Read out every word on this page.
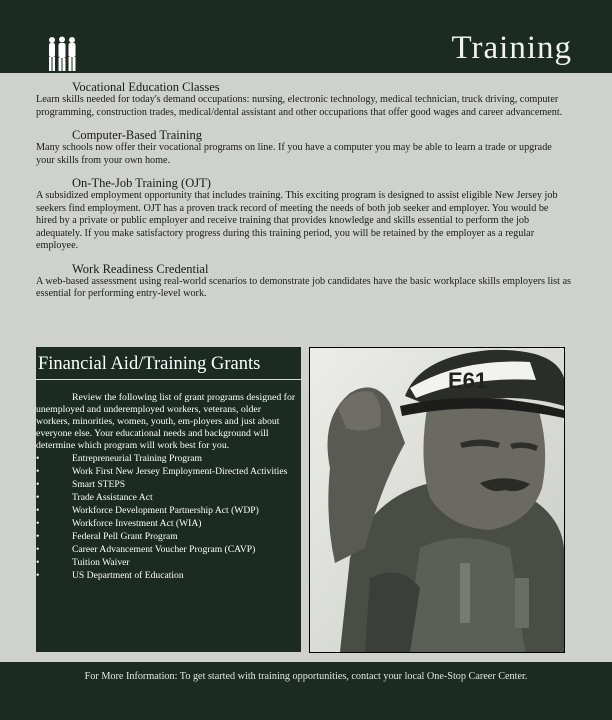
Training

Vocational Education Classes

Learn skills needed for today's demand occupations: nursing, electronic technology, medical technician, truck driving, computer programming, construction trades, medical/dental assistant and other occupations that offer good wages and career advancement.

Computer-Based Training

Many schools now offer their vocational programs on line. If you have a computer you may be able to learn a trade or upgrade your skills from your own home.

On-The-Job Training (OJT)

A subsidized employment opportunity that includes training. This exciting program is designed to assist eligible New Jersey job seekers find employment. OJT has a proven track record of meeting the needs of both job seeker and employer. You would be hired by a private or public employer and receive training that provides knowledge and skills essential to perform the job adequately. If you make satisfactory progress during this training period, you will be retained by the employer as a regular employee.

Work Readiness Credential

A web-based assessment using real-world scenarios to demonstrate job candidates have the basic workplace skills employers list as essential for performing entry-level work.

Financial Aid/Training Grants

Review the following list of grant programs designed for unemployed and underemployed workers, veterans, older workers, minorities, women, youth, em-ployers and just about everyone else. Your educational needs and background will determine which program will work best for you.

•	Entrepreneurial Training Program
•	Work First New Jersey Employment-Directed Activities
•	Smart STEPS
•	Trade Assistance Act
•	Workforce Development Partnership Act (WDP)
•	Workforce Investment Act (WIA)
•	Federal Pell Grant Program
•	Career Advancement Voucher Program (CAVP)
•	Tuition Waiver
•	US Department of Education
E61
For More Information: To get started with training opportunities, contact your local One-Stop Career Center.
